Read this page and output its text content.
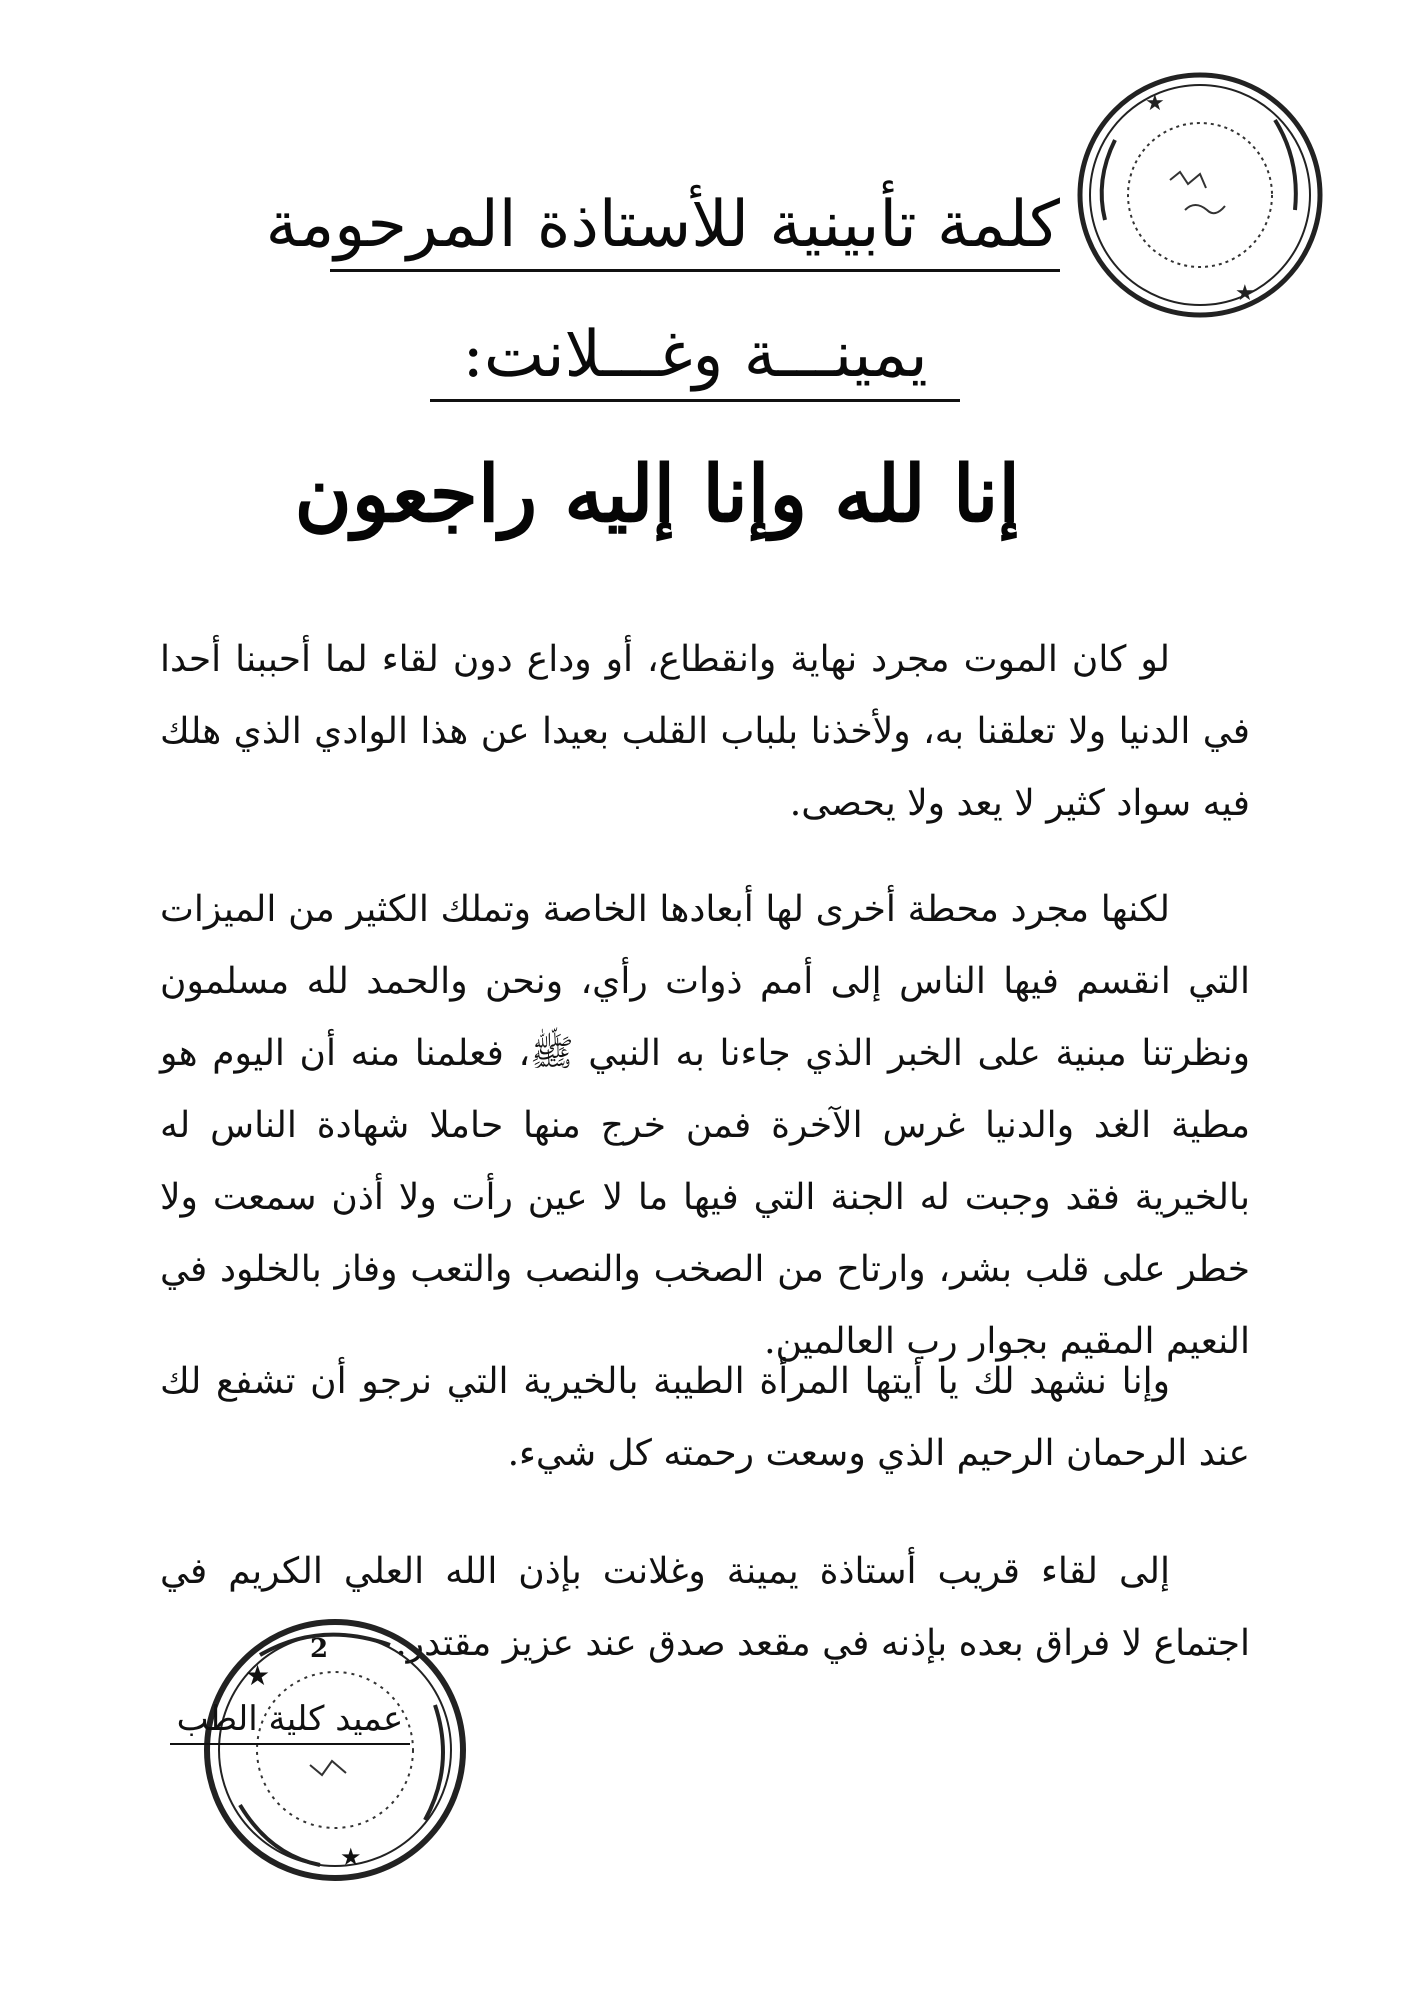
★
★
كلمة تأبينية للأستاذة المرحومة
يمينـــة وغـــلانت:
إنا لله وإنا إليه راجعون

لو كان الموت مجرد نهاية وانقطاع، أو وداع دون لقاء لما أحببنا أحدا في الدنيا ولا تعلقنا به، ولأخذنا بلباب القلب بعيدا عن هذا الوادي الذي هلك فيه سواد كثير لا يعد ولا يحصى.

لكنها مجرد محطة أخرى لها أبعادها الخاصة وتملك الكثير من الميزات التي انقسم فيها الناس إلى أمم ذوات رأي، ونحن والحمد لله مسلمون ونظرتنا مبنية على الخبر الذي جاءنا به النبي ﷺ، فعلمنا منه أن اليوم هو مطية الغد والدنيا غرس الآخرة فمن خرج منها حاملا شهادة الناس له بالخيرية فقد وجبت له الجنة التي فيها ما لا عين رأت ولا أذن سمعت ولا خطر على قلب بشر، وارتاح من الصخب والنصب والتعب وفاز بالخلود في النعيم المقيم بجوار رب العالمين.

وإنا نشهد لك يا أيتها المرأة الطيبة بالخيرية التي نرجو أن تشفع لك عند الرحمان الرحيم الذي وسعت رحمته كل شيء.

إلى لقاء قريب أستاذة يمينة وغلانت بإذن الله العلي الكريم في اجتماع لا فراق بعده بإذنه في مقعد صدق عند عزيز مقتدر.

★
★
2
عميد كلية الطب
